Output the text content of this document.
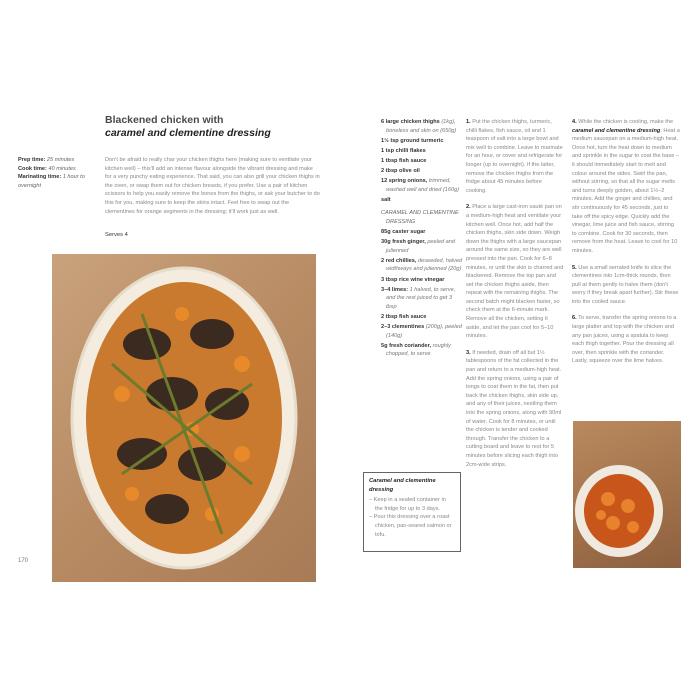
Blackened chicken with
caramel and clementine dressing
Prep time: 25 minutes
Cook time: 40 minutes
Marinating time: 1 hour to overnight
Don't be afraid to really char your chicken thighs here (making sure to ventilate your kitchen well) – this'll add an intense flavour alongside the vibrant dressing and make for a very punchy eating experience. That said, you can also grill your chicken thighs in the oven, or swap them out for chicken breasts, if you prefer. Use a pair of kitchen scissors to help you easily remove the bones from the thighs, or ask your butcher to do this for you, making sure to keep the skins intact. Feel free to swap out the clementines for orange segments in the dressing; it'll work just as well.
Serves 4
170

6 large chicken thighs (1kg), boneless and skin on (650g)

1½ tsp ground turmeric

1 tsp chilli flakes

1 tbsp fish sauce

2 tbsp olive oil

12 spring onions, trimmed, washed well and dried (160g)

salt

CARAMEL AND CLEMENTINE DRESSING

85g caster sugar

30g fresh ginger, peeled and julienned

2 red chillies, deseeded, halved widthways and julienned (20g)

3 tbsp rice wine vinegar

3–4 limes: 1 halved, to serve, and the rest juiced to get 3 tbsp

2 tbsp fish sauce

2–3 clementines (200g), peeled (140g)

5g fresh coriander, roughly chopped, to serve

1. Put the chicken thighs, turmeric, chilli flakes, fish sauce, oil and 1 teaspoon of salt into a large bowl and mix well to combine. Leave to marinate for an hour, or cover and refrigerate for longer (up to overnight). If the latter, remove the chicken thighs from the fridge about 45 minutes before cooking.

2. Place a large cast-iron sauté pan on a medium-high heat and ventilate your kitchen well. Once hot, add half the chicken thighs, skin side down. Weigh down the thighs with a large saucepan around the same size, so they are well pressed into the pan. Cook for 6–8 minutes, or until the skin is charred and blackened. Remove the top pan and set the chicken thighs aside, then repeat with the remaining thighs. The second batch might blacken faster, so check them at the 6-minute mark. Remove all the chicken, setting it aside, and let the pan cool for 5–10 minutes.

3. If needed, drain off all but 1½ tablespoons of the fat collected in the pan and return to a medium-high heat. Add the spring onions, using a pair of tongs to coat them in the fat, then put back the chicken thighs, skin side up, and any of their juices, nestling them into the spring onions, along with 90ml of water. Cook for 8 minutes, or until the chicken is tender and cooked through. Transfer the chicken to a cutting board and leave to rest for 5 minutes before slicing each thigh into 2cm-wide strips.

4. While the chicken is cooling, make the caramel and clementine dressing. Heat a medium saucepan on a medium-high heat. Once hot, turn the heat down to medium and sprinkle in the sugar to coat the base – it should immediately start to melt and colour around the sides. Swirl the pan, without stirring, so that all the sugar melts and turns deeply golden, about 1½–2 minutes. Add the ginger and chillies, and stir continuously for 45 seconds, just to take off the spicy edge. Quickly add the vinegar, lime juice and fish sauce, stirring to combine. Cook for 30 seconds, then remove from the heat. Leave to cool for 10 minutes.

5. Use a small serrated knife to slice the clementines into 1cm-thick rounds, then pull at them gently to halve them (don't worry if they break apart further). Stir these into the cooled sauce.

6. To serve, transfer the spring onions to a large platter and top with the chicken and any pan juices, using a spatula to keep each thigh together. Pour the dressing all over, then sprinkle with the coriander. Lastly, squeeze over the lime halves.

Caramel and clementine dressing
– Keep in a sealed container in the fridge for up to 3 days.
– Pour this dressing over a roast chicken, pan-seared salmon or tofu.
